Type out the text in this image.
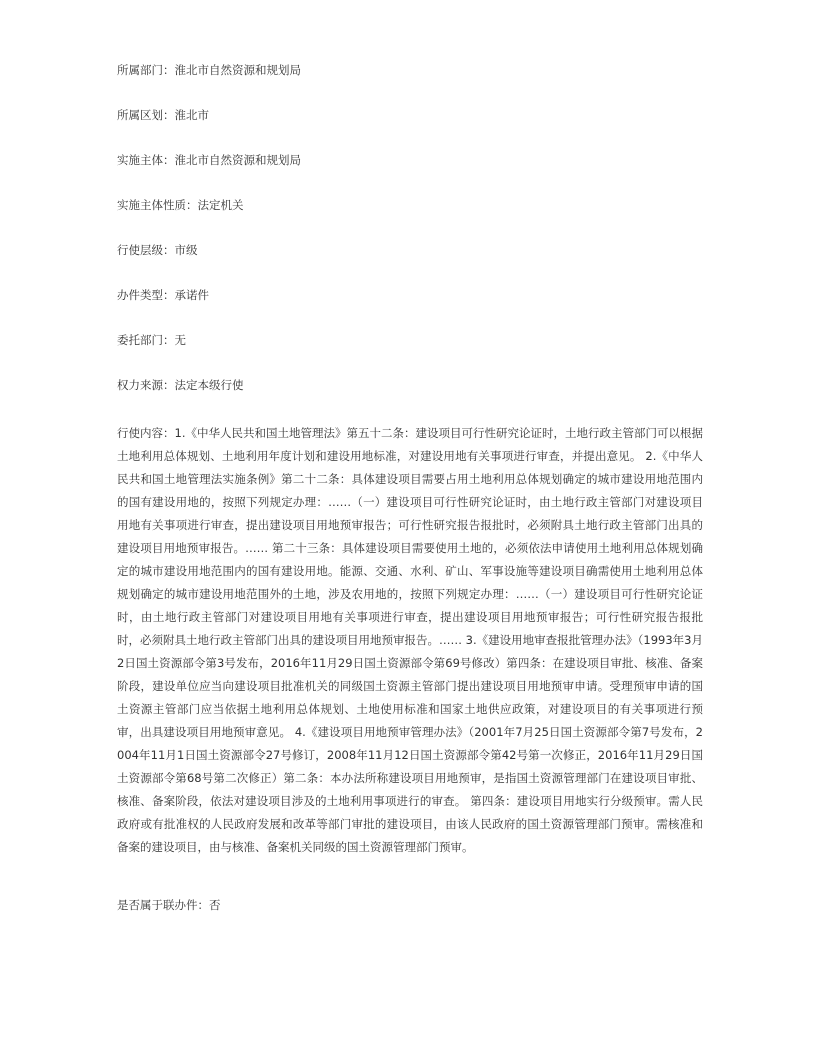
所属部门：淮北市自然资源和规划局

所属区划：淮北市

实施主体：淮北市自然资源和规划局

实施主体性质：法定机关

行使层级：市级

办件类型：承诺件

委托部门：无

权力来源：法定本级行使

行使内容：1.《中华人民共和国土地管理法》第五十二条：建设项目可行性研究论证时，土地行政主管部门可以根据土地利用总体规划、土地利用年度计划和建设用地标准，对建设用地有关事项进行审查，并提出意见。 2.《中华人民共和国土地管理法实施条例》第二十二条：具体建设项目需要占用土地利用总体规划确定的城市建设用地范围内的国有建设用地的，按照下列规定办理：……（一）建设项目可行性研究论证时，由土地行政主管部门对建设项目用地有关事项进行审查，提出建设项目用地预审报告；可行性研究报告报批时，必须附具土地行政主管部门出具的建设项目用地预审报告。…… 第二十三条：具体建设项目需要使用土地的，必须依法申请使用土地利用总体规划确定的城市建设用地范围内的国有建设用地。能源、交通、水利、矿山、军事设施等建设项目确需使用土地利用总体规划确定的城市建设用地范围外的土地，涉及农用地的，按照下列规定办理：……（一）建设项目可行性研究论证时，由土地行政主管部门对建设项目用地有关事项进行审查，提出建设项目用地预审报告；可行性研究报告报批时，必须附具土地行政主管部门出具的建设项目用地预审报告。…… 3.《建设用地审查报批管理办法》（1993年3月2日国土资源部令第3号发布，2016年11月29日国土资源部令第69号修改）第四条：在建设项目审批、核准、备案阶段，建设单位应当向建设项目批准机关的同级国土资源主管部门提出建设项目用地预审申请。受理预审申请的国土资源主管部门应当依据土地利用总体规划、土地使用标准和国家土地供应政策，对建设项目的有关事项进行预审，出具建设项目用地预审意见。 4.《建设项目用地预审管理办法》（2001年7月25日国土资源部令第7号发布，2004年11月1日国土资源部令27号修订，2008年11月12日国土资源部令第42号第一次修正，2016年11月29日国土资源部令第68号第二次修正）第二条：本办法所称建设项目用地预审，是指国土资源管理部门在建设项目审批、核准、备案阶段，依法对建设项目涉及的土地利用事项进行的审查。 第四条：建设项目用地实行分级预审。需人民政府或有批准权的人民政府发展和改革等部门审批的建设项目，由该人民政府的国土资源管理部门预审。需核准和备案的建设项目，由与核准、备案机关同级的国土资源管理部门预审。

是否属于联办件：否
